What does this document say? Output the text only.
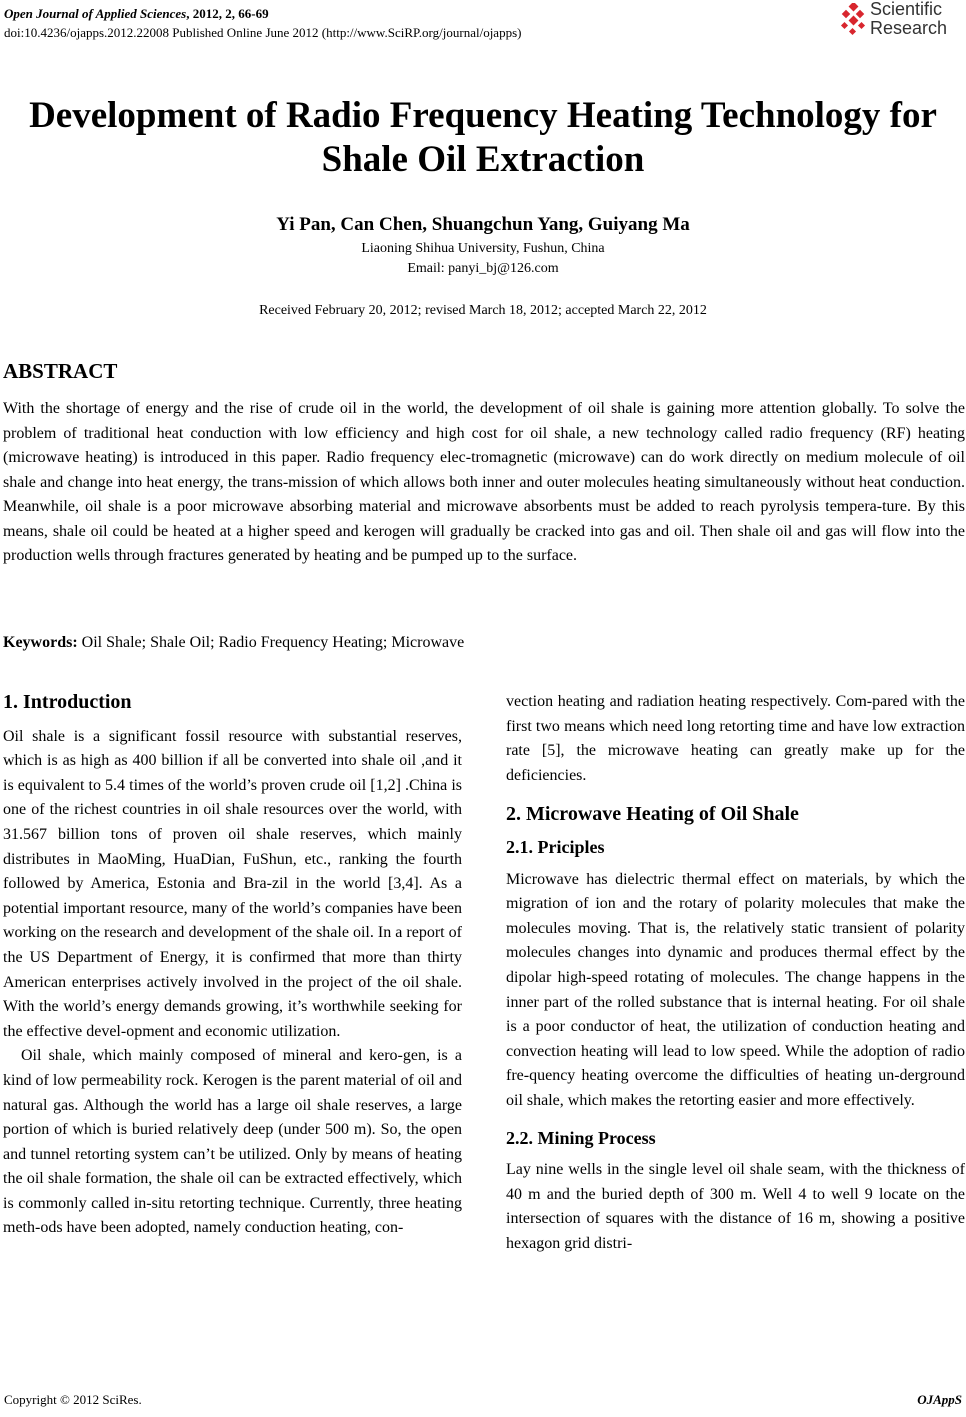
Open Journal of Applied Sciences, 2012, 2, 66-69
doi:10.4236/ojapps.2012.22008 Published Online June 2012 (http://www.SciRP.org/journal/ojapps)
Scientific
Research
Development of Radio Frequency Heating Technology for
Shale Oil Extraction
Yi Pan, Can Chen, Shuangchun Yang, Guiyang Ma
Liaoning Shihua University, Fushun, China
Email: panyi_bj@126.com
Received February 20, 2012; revised March 18, 2012; accepted March 22, 2012
ABSTRACT
With the shortage of energy and the rise of crude oil in the world, the development of oil shale is gaining more attention globally. To solve the problem of traditional heat conduction with low efficiency and high cost for oil shale, a new technology called radio frequency (RF) heating (microwave heating) is introduced in this paper. Radio frequency elec-tromagnetic (microwave) can do work directly on medium molecule of oil shale and change into heat energy, the trans-mission of which allows both inner and outer molecules heating simultaneously without heat conduction. Meanwhile, oil shale is a poor microwave absorbing material and microwave absorbents must be added to reach pyrolysis tempera-ture. By this means, shale oil could be heated at a higher speed and kerogen will gradually be cracked into gas and oil. Then shale oil and gas will flow into the production wells through fractures generated by heating and be pumped up to the surface.
Keywords: Oil Shale; Shale Oil; Radio Frequency Heating; Microwave

1. Introduction

Oil shale is a significant fossil resource with substantial reserves, which is as high as 400 billion if all be converted into shale oil ,and it is equivalent to 5.4 times of the world’s proven crude oil [1,2] .China is one of the richest countries in oil shale resources over the world, with 31.567 billion tons of proven oil shale reserves, which mainly distributes in MaoMing, HuaDian, FuShun, etc., ranking the fourth followed by America, Estonia and Bra-zil in the world [3,4]. As a potential important resource, many of the world’s companies have been working on the research and development of the shale oil. In a report of the US Department of Energy, it is confirmed that more than thirty American enterprises actively involved in the project of the oil shale. With the world’s energy demands growing, it’s worthwhile seeking for the effective devel-opment and economic utilization.

Oil shale, which mainly composed of mineral and kero-gen, is a kind of low permeability rock. Kerogen is the parent material of oil and natural gas. Although the world has a large oil shale reserves, a large portion of which is buried relatively deep (under 500 m). So, the open and tunnel retorting system can’t be utilized. Only by means of heating the oil shale formation, the shale oil can be extracted effectively, which is commonly called in-situ retorting technique. Currently, three heating meth-ods have been adopted, namely conduction heating, con-

vection heating and radiation heating respectively. Com-pared with the first two means which need long retorting time and have low extraction rate [5], the microwave heating can greatly make up for the deficiencies.

2. Microwave Heating of Oil Shale

2.1. Priciples

Microwave has dielectric thermal effect on materials, by which the migration of ion and the rotary of polarity molecules that make the molecules moving. That is, the relatively static transient of polarity molecules changes into dynamic and produces thermal effect by the dipolar high-speed rotating of molecules. The change happens in the inner part of the rolled substance that is internal heating. For oil shale is a poor conductor of heat, the utilization of conduction heating and convection heating will lead to low speed. While the adoption of radio fre-quency heating overcome the difficulties of heating un-derground oil shale, which makes the retorting easier and more effectively.

2.2. Mining Process

Lay nine wells in the single level oil shale seam, with the thickness of 40 m and the buried depth of 300 m. Well 4 to well 9 locate on the intersection of squares with the distance of 16 m, showing a positive hexagon grid distri-

Copyright © 2012 SciRes.	OJAppS
